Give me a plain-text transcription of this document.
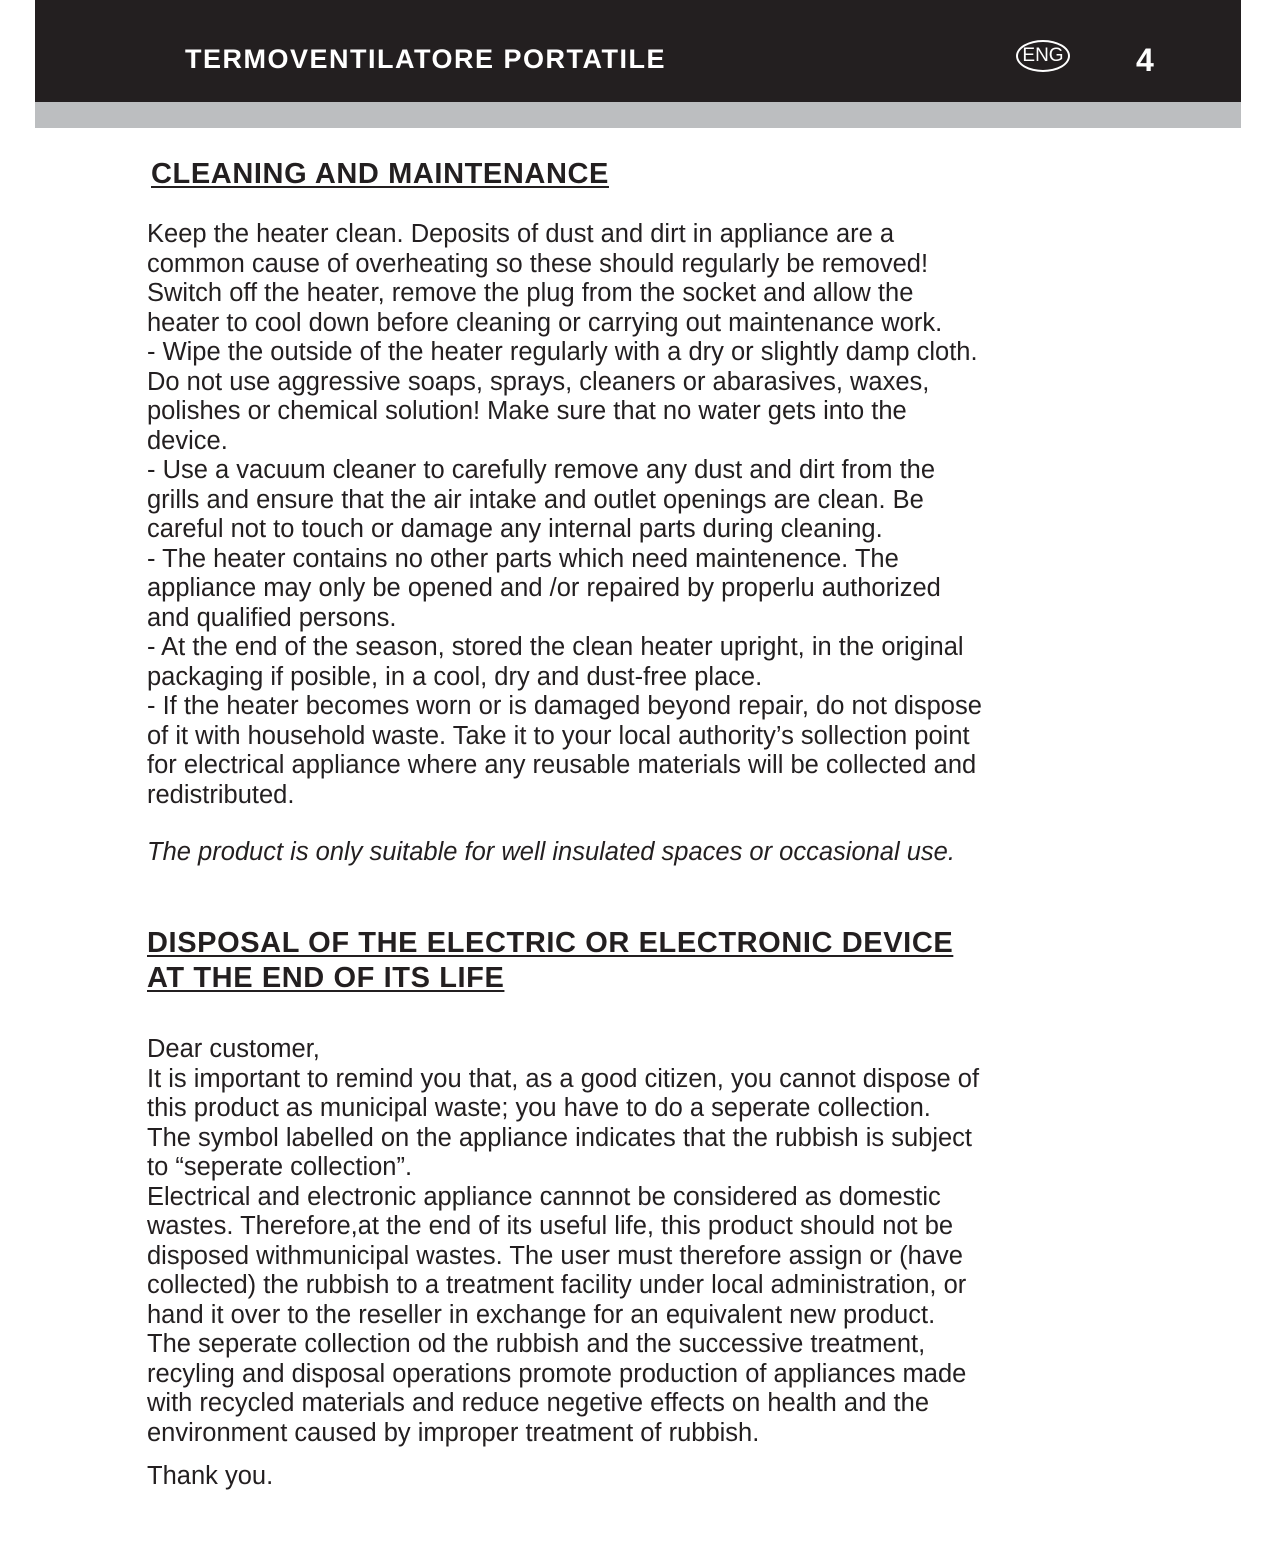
TERMOVENTILATORE PORTATILE	ENG 4
CLEANING AND MAINTENANCE
Keep the heater clean. Deposits of dust and dirt in appliance are a
common cause of overheating so these should regularly be removed!
Switch off the heater, remove the plug from the socket and allow the
heater to cool down before cleaning or carrying out maintenance work.
- Wipe the outside of the heater regularly with a dry or slightly damp cloth.
Do not use aggressive soaps, sprays, cleaners or abarasives, waxes,
polishes or chemical solution! Make sure that no water gets into the
device.
- Use a vacuum cleaner to carefully remove any dust and dirt from the
grills and ensure that the air intake and outlet openings are clean. Be
careful not to touch or damage any internal parts during cleaning.
- The heater contains no other parts which need maintenence. The
appliance may only be opened and /or repaired by properlu authorized
and qualified persons.
- At the end of the season, stored the clean heater upright, in the original
packaging if posible, in a cool, dry and dust-free place.
- If the heater becomes worn or is damaged beyond repair, do not dispose
of it with household waste. Take it to your local authority’s sollection point
for electrical appliance where any reusable materials will be collected and
redistributed.

The product is only suitable for well insulated spaces or occasional use.

DISPOSAL OF THE ELECTRIC OR ELECTRONIC DEVICE
AT THE END OF ITS LIFE
Dear customer,
It is important to remind you that, as a good citizen, you cannot dispose of
this product as municipal waste; you have to do a seperate collection.
The symbol labelled on the appliance indicates that the rubbish is subject
to “seperate collection”.
Electrical and electronic appliance cannnot be considered as domestic
wastes. Therefore,at the end of its useful life, this product should not be
disposed withmunicipal wastes. The user must therefore assign or (have
collected) the rubbish to a treatment facility under local administration, or
hand it over to the reseller in exchange for an equivalent new product.
The seperate collection od the rubbish and the successive treatment,
recyling and disposal operations promote production of appliances made
with recycled materials and reduce negetive effects on health and the
environment caused by improper treatment of rubbish.

Thank you.
